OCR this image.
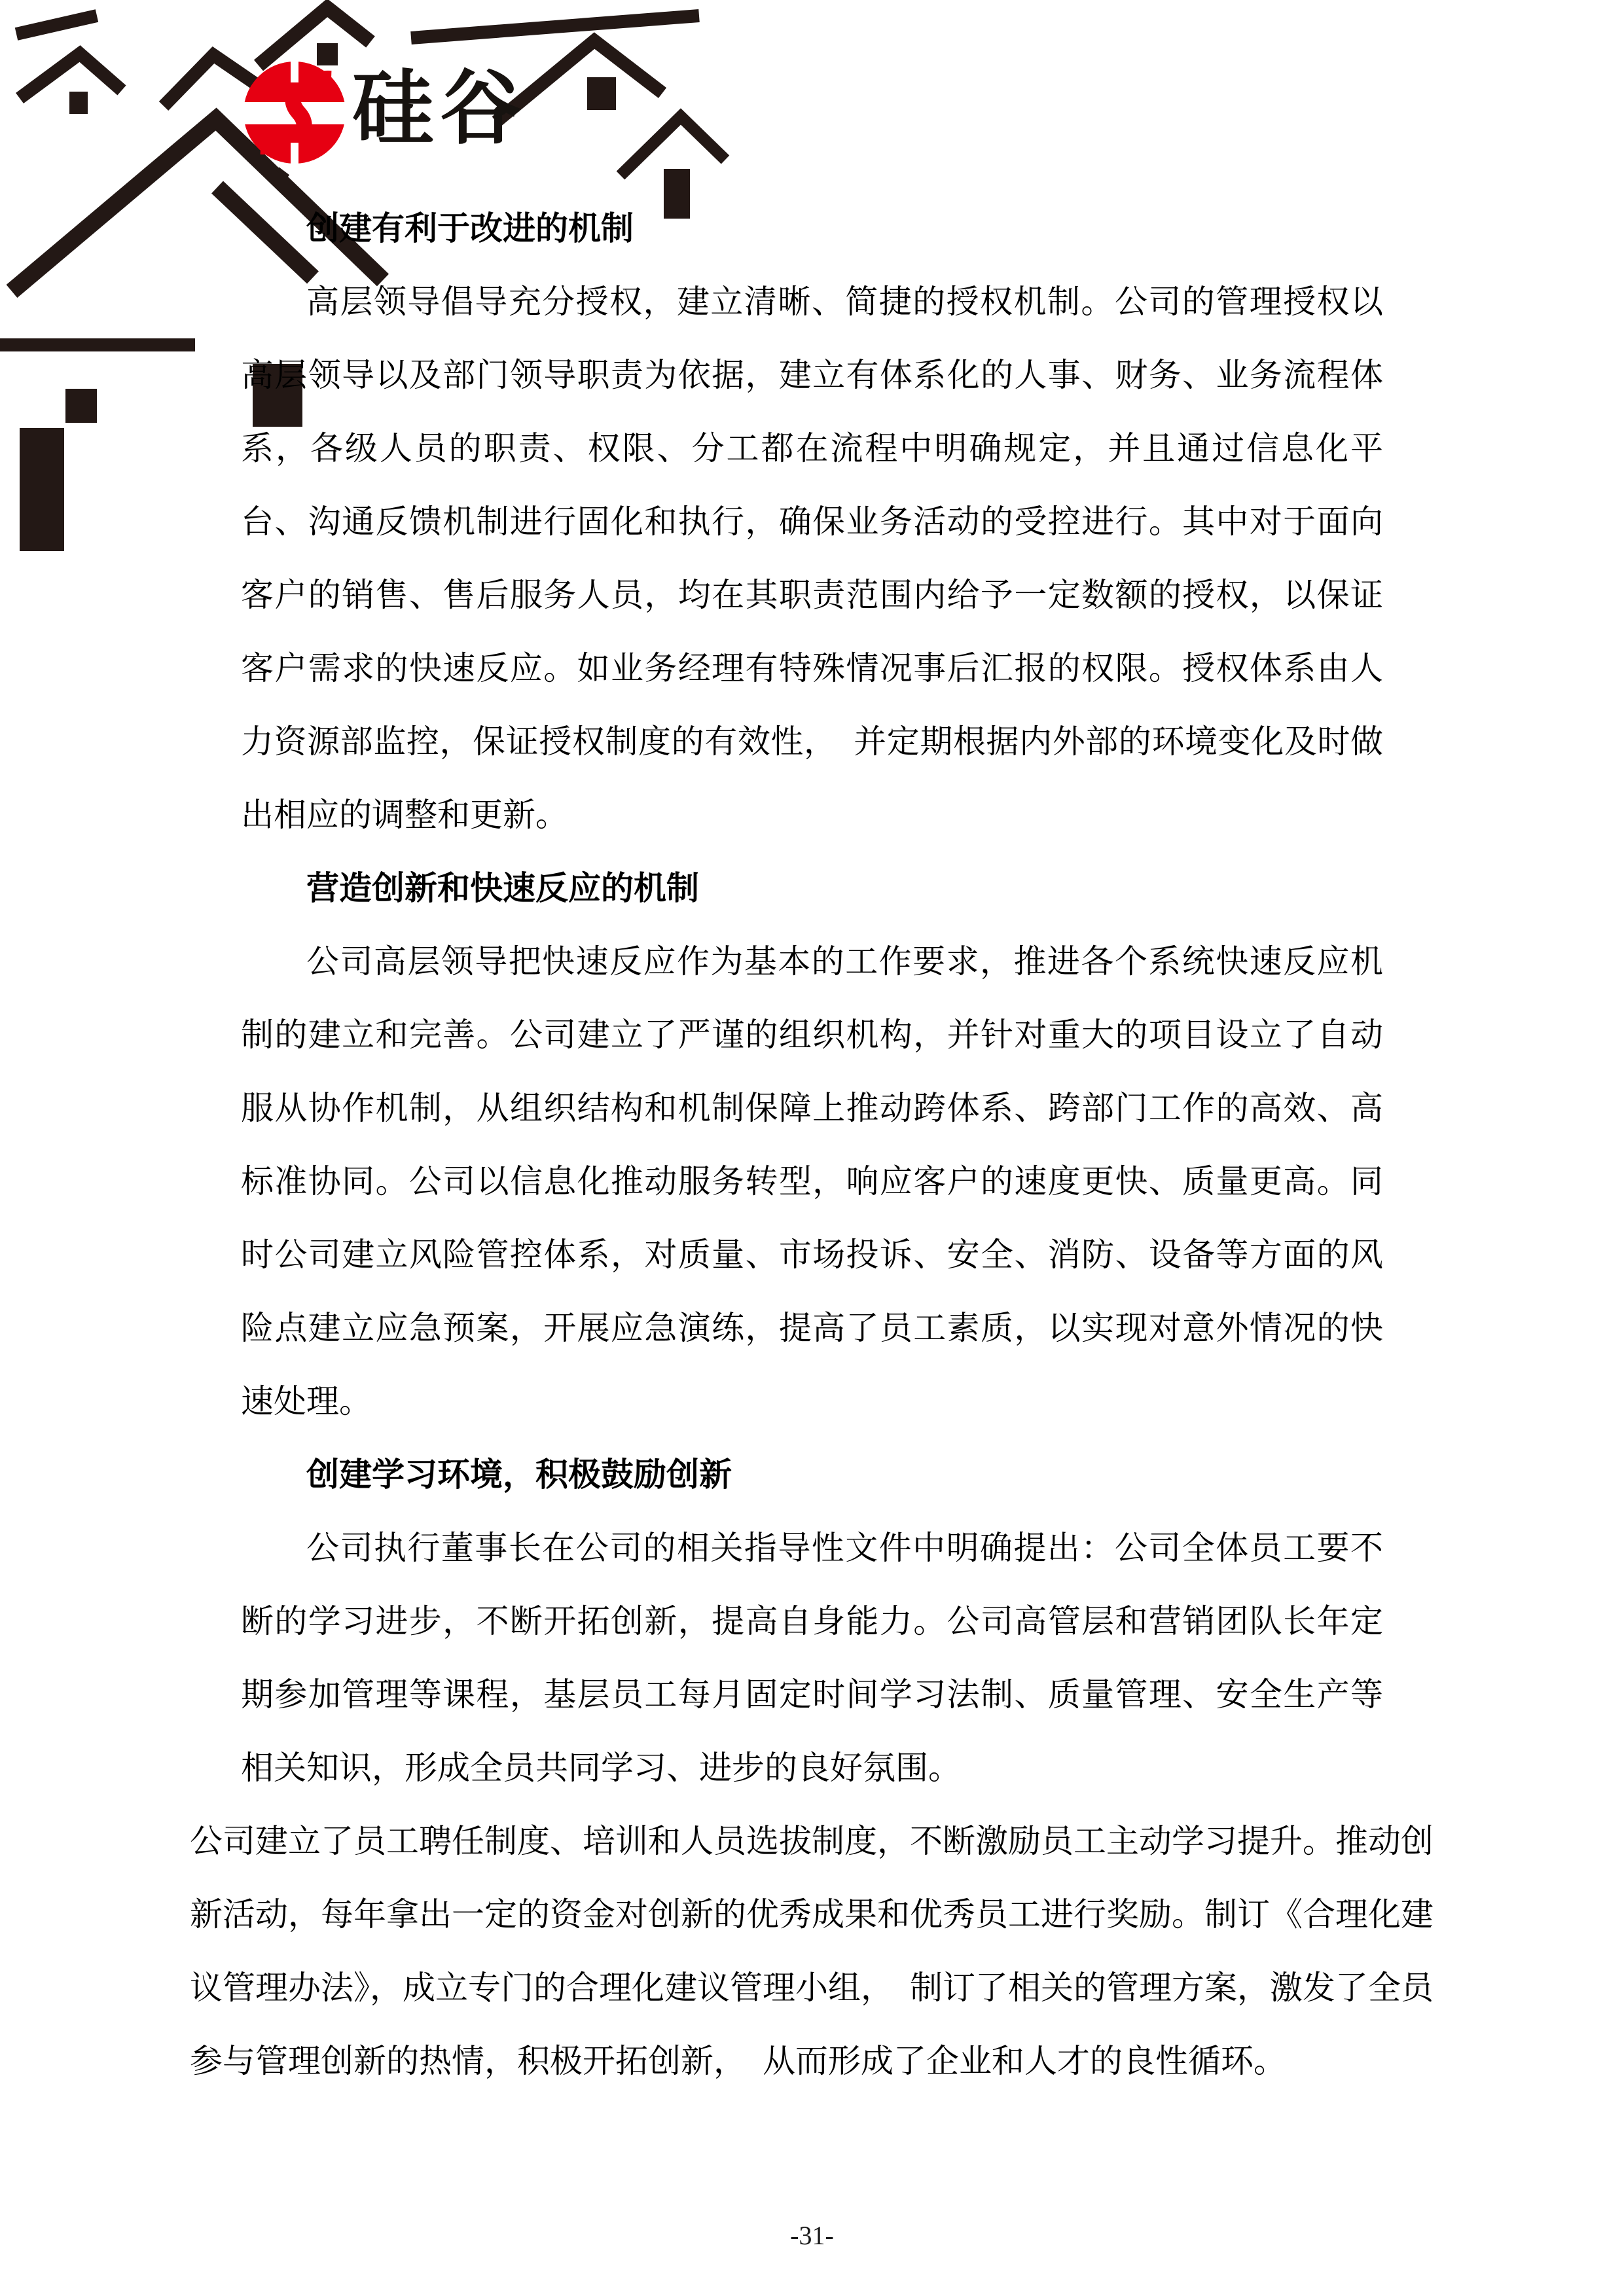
硅谷
创建有利于改进的机制

高层领导倡导充分授权，建立清晰、简捷的授权机制。公司的管理授权以高层领导以及部门领导职责为依据，建立有体系化的人事、财务、业务流程体系，各级人员的职责、权限、分工都在流程中明确规定，并且通过信息化平台、沟通反馈机制进行固化和执行，确保业务活动的受控进行。其中对于面向客户的销售、售后服务人员，均在其职责范围内给予一定数额的授权，以保证客户需求的快速反应。如业务经理有特殊情况事后汇报的权限。授权体系由人力资源部监控，保证授权制度的有效性，　并定期根据内外部的环境变化及时做出相应的调整和更新。

营造创新和快速反应的机制

公司高层领导把快速反应作为基本的工作要求，推进各个系统快速反应机制的建立和完善。公司建立了严谨的组织机构，并针对重大的项目设立了自动服从协作机制，从组织结构和机制保障上推动跨体系、跨部门工作的高效、高标准协同。公司以信息化推动服务转型，响应客户的速度更快、质量更高。同时公司建立风险管控体系，对质量、市场投诉、安全、消防、设备等方面的风险点建立应急预案，开展应急演练，提高了员工素质，以实现对意外情况的快速处理。

创建学习环境，积极鼓励创新

公司执行董事长在公司的相关指导性文件中明确提出：公司全体员工要不断的学习进步，不断开拓创新，提高自身能力。公司高管层和营销团队长年定期参加管理等课程，基层员工每月固定时间学习法制、质量管理、安全生产等相关知识，形成全员共同学习、进步的良好氛围。

公司建立了员工聘任制度、培训和人员选拔制度，不断激励员工主动学习提升。推动创新活动，每年拿出一定的资金对创新的优秀成果和优秀员工进行奖励。制订《合理化建议管理办法》，成立专门的合理化建议管理小组，　制订了相关的管理方案，激发了全员参与管理创新的热情，积极开拓创新，　从而形成了企业和人才的良性循环。

-31-
